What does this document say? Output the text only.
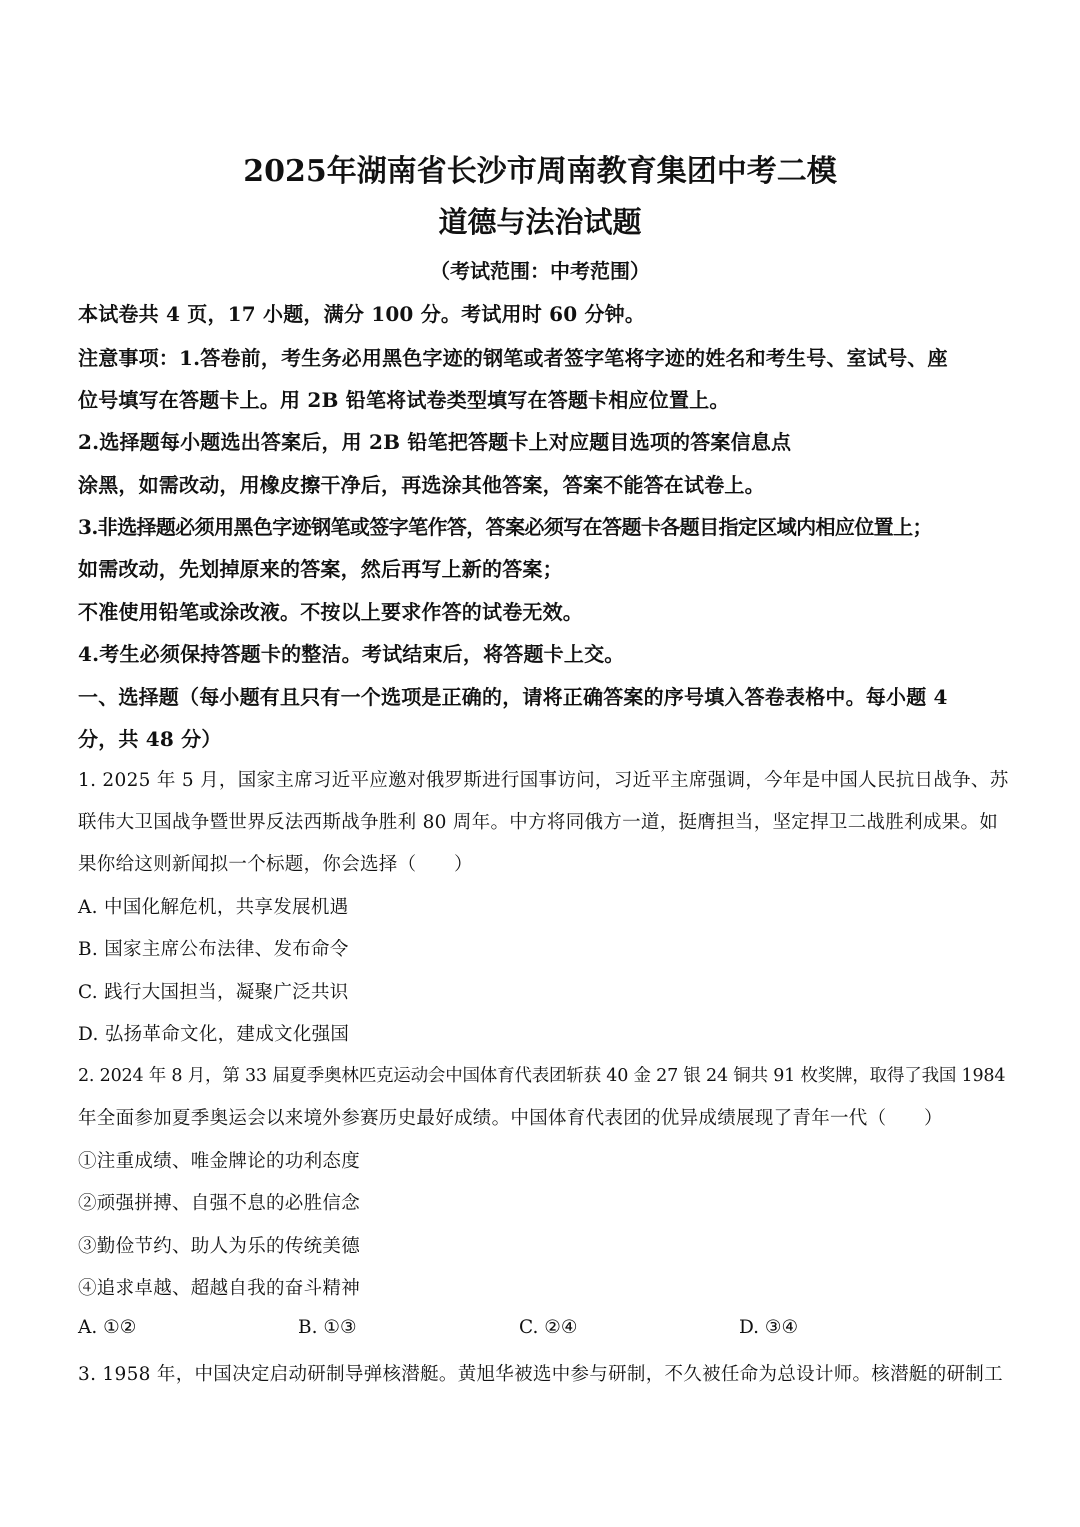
2025年湖南省长沙市周南教育集团中考二模
道德与法治试题
（考试范围：中考范围）
本试卷共 4 页，17 小题，满分 100 分。考试用时 60 分钟。
注意事项：1.答卷前，考生务必用黑色字迹的钢笔或者签字笔将字迹的姓名和考生号、室试号、座
位号填写在答题卡上。用 2B 铅笔将试卷类型填写在答题卡相应位置上。
2.选择题每小题选出答案后，用 2B 铅笔把答题卡上对应题目选项的答案信息点
涂黑，如需改动，用橡皮擦干净后，再选涂其他答案，答案不能答在试卷上。
3.非选择题必须用黑色字迹钢笔或签字笔作答，答案必须写在答题卡各题目指定区域内相应位置上；
如需改动，先划掉原来的答案，然后再写上新的答案；
不准使用铅笔或涂改液。不按以上要求作答的试卷无效。
4.考生必须保持答题卡的整洁。考试结束后，将答题卡上交。
一、选择题（每小题有且只有一个选项是正确的，请将正确答案的序号填入答卷表格中。每小题 4
分，共 48 分）
1. 2025 年 5 月，国家主席习近平应邀对俄罗斯进行国事访问，习近平主席强调，今年是中国人民抗日战争、苏
联伟大卫国战争暨世界反法西斯战争胜利 80 周年。中方将同俄方一道，挺膺担当，坚定捍卫二战胜利成果。如
果你给这则新闻拟一个标题，你会选择（　　）
A. 中国化解危机，共享发展机遇
B. 国家主席公布法律、发布命令
C. 践行大国担当，凝聚广泛共识
D. 弘扬革命文化，建成文化强国
2. 2024 年 8 月，第 33 届夏季奥林匹克运动会中国体育代表团斩获 40 金 27 银 24 铜共 91 枚奖牌，取得了我国 1984
年全面参加夏季奥运会以来境外参赛历史最好成绩。中国体育代表团的优异成绩展现了青年一代（　　）
①注重成绩、唯金牌论的功利态度
②顽强拼搏、自强不息的必胜信念
③勤俭节约、助人为乐的传统美德
④追求卓越、超越自我的奋斗精神
A. ①②	B. ①③	C. ②④	D. ③④
3. 1958 年，中国决定启动研制导弹核潜艇。黄旭华被选中参与研制，不久被任命为总设计师。核潜艇的研制工
